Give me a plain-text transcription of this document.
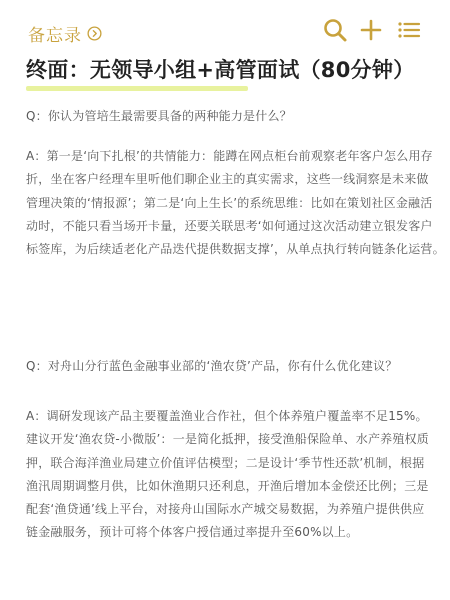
备忘录
终面：无领导小组+高管面试（80分钟）
Q：你认为管培生最需要具备的两种能力是什么？
A：第一是‘向下扎根’的共情能力：能蹲在网点柜台前观察老年客户怎么用存
折，坐在客户经理车里听他们聊企业主的真实需求，这些一线洞察是未来做
管理决策的‘情报源’；第二是‘向上生长’的系统思维：比如在策划社区金融活
动时，不能只看当场开卡量，还要关联思考‘如何通过这次活动建立银发客户
标签库，为后续适老化产品迭代提供数据支撑’，从单点执行转向链条化运营。
Q：对舟山分行蓝色金融事业部的‘渔农贷’产品，你有什么优化建议？
A：调研发现该产品主要覆盖渔业合作社，但个体养殖户覆盖率不足15%。
建议开发‘渔农贷-小微版’：一是简化抵押，接受渔船保险单、水产养殖权质
押，联合海洋渔业局建立价值评估模型；二是设计‘季节性还款’机制，根据
渔汛周期调整月供，比如休渔期只还利息，开渔后增加本金偿还比例；三是
配套‘渔贷通’线上平台，对接舟山国际水产城交易数据，为养殖户提供供应
链金融服务，预计可将个体客户授信通过率提升至60%以上。
